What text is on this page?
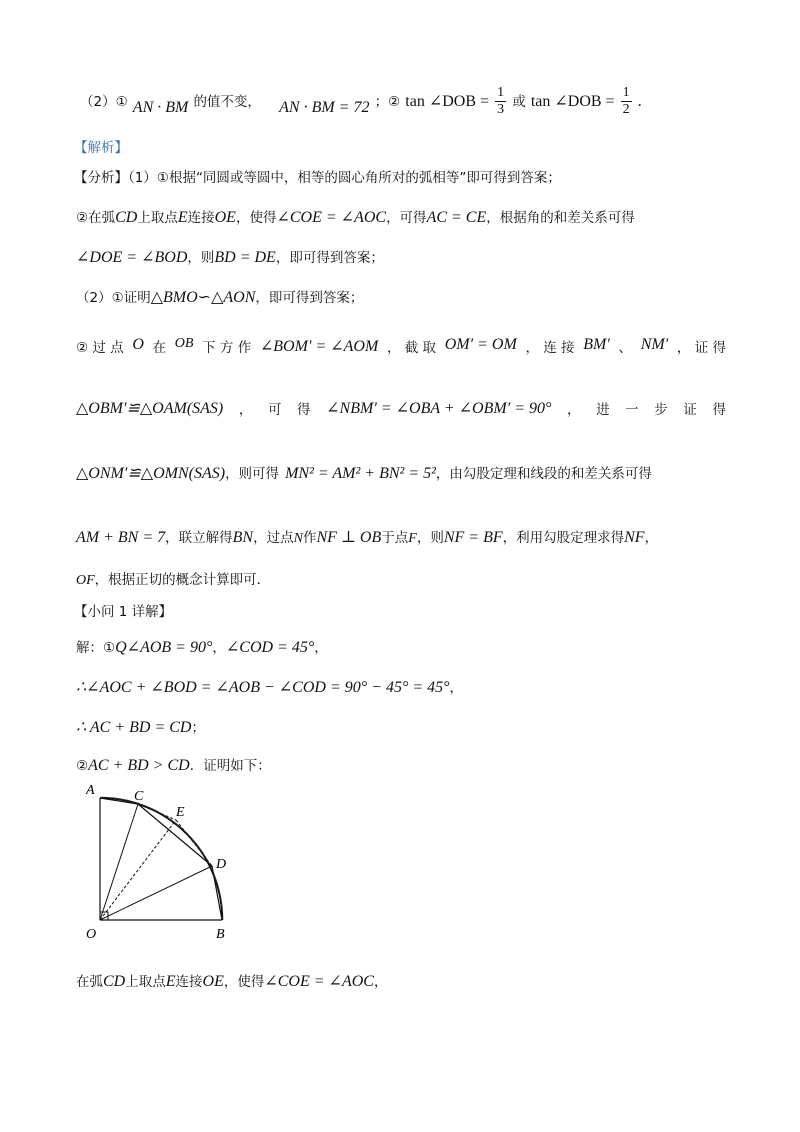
（2）① AN · BM 的值不变， AN · BM = 72 ；② tan ∠DOB = $\frac{1}{3}$ 或 tan ∠DOB = $\frac{1}{2}$ .
【解析】
【分析】（1）①根据“同圆或等圆中，相等的圆心角所对的弧相等”即可得到答案；
②在弧CD上取点E连接OE，使得∠COE = ∠AOC，可得AC = CE，根据角的和差关系可得
∠DOE = ∠BOD，则BD = DE，即可得到答案；
（2）①证明△BMO∽△AON，即可得到答案；
② 过 点 O 在 OB 下 方 作 ∠BOM′ = ∠AOM ， 截 取 OM′ = OM ， 连 接 BM′ 、 NM′ ， 证 得
△OBM′≌△OAM(SAS) ， 可 得 ∠NBM′ = ∠OBA + ∠OBM′ = 90° ， 进 一 步 证 得
△ONM′≌△OMN(SAS)，则可得 MN² = AM² + BN² = 5²，由勾股定理和线段的和差关系可得
AM + BN = 7，联立解得BN，过点N作NF ⊥ OB于点F，则NF = BF，利用勾股定理求得NF，
OF，根据正切的概念计算即可．
【小问 1 详解】
解：①Q∠AOB = 90°，∠COD = 45°，
∴∠AOC + ∠BOD = ∠AOB − ∠COD = 90° − 45° = 45°，
∴ AC + BD = CD；
②AC + BD > CD．证明如下：
A	C
E
D
O	B
在弧CD上取点E连接OE，使得∠COE = ∠AOC，
